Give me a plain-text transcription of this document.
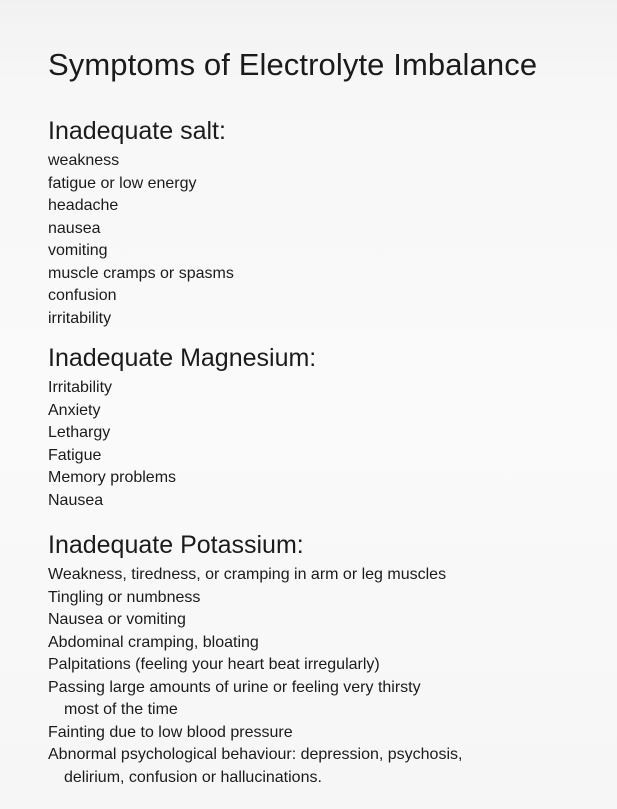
Symptoms of Electrolyte Imbalance
Inadequate salt:
weakness
fatigue or low energy
headache
nausea
vomiting
muscle cramps or spasms
confusion
irritability
Inadequate Magnesium:
Irritability
Anxiety
Lethargy
Fatigue
Memory problems
Nausea
Inadequate Potassium:
Weakness, tiredness, or cramping in arm or leg muscles
Tingling or numbness
Nausea or vomiting
Abdominal cramping, bloating
Palpitations (feeling your heart beat irregularly)
Passing large amounts of urine or feeling very thirsty
most of the time
Fainting due to low blood pressure
Abnormal psychological behaviour: depression, psychosis,
delirium, confusion or hallucinations.
